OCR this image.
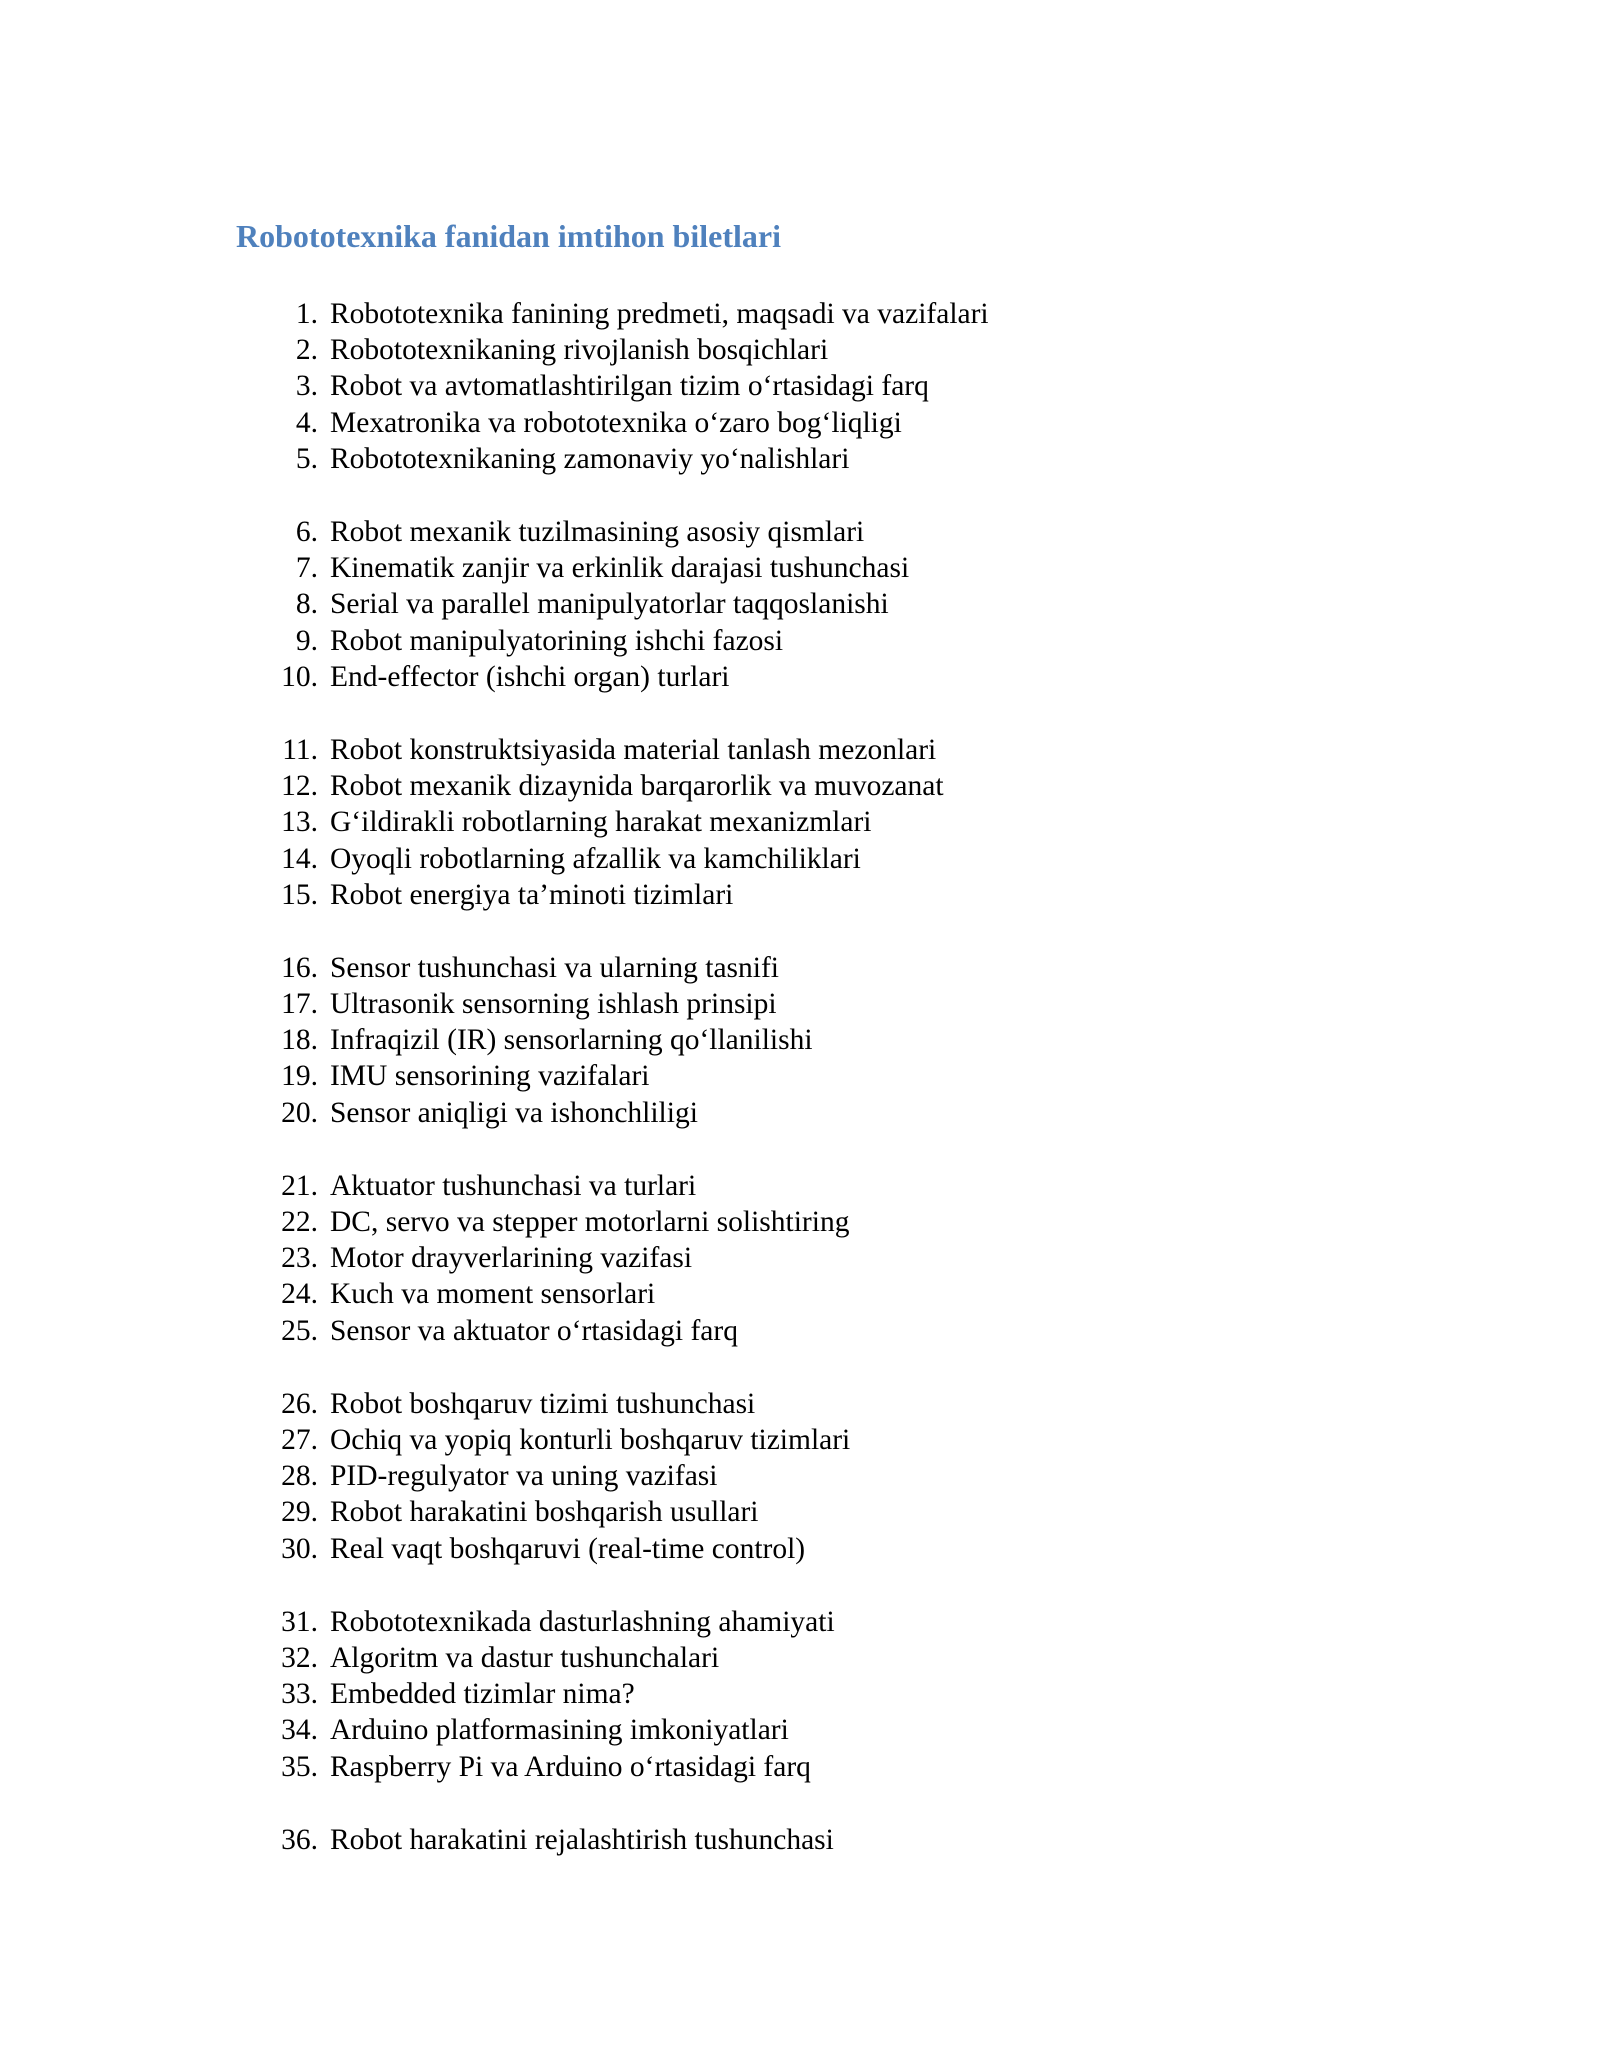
Robototexnika fanidan imtihon biletlari
1. Robototexnika fanining predmeti, maqsadi va vazifalari
2. Robototexnikaning rivojlanish bosqichlari
3. Robot va avtomatlashtirilgan tizim o‘rtasidagi farq
4. Mexatronika va robototexnika o‘zaro bog‘liqligi
5. Robototexnikaning zamonaviy yo‘nalishlari
6. Robot mexanik tuzilmasining asosiy qismlari
7. Kinematik zanjir va erkinlik darajasi tushunchasi
8. Serial va parallel manipulyatorlar taqqoslanishi
9. Robot manipulyatorining ishchi fazosi
10. End-effector (ishchi organ) turlari
11. Robot konstruktsiyasida material tanlash mezonlari
12. Robot mexanik dizaynida barqarorlik va muvozanat
13. G‘ildirakli robotlarning harakat mexanizmlari
14. Oyoqli robotlarning afzallik va kamchiliklari
15. Robot energiya ta’minoti tizimlari
16. Sensor tushunchasi va ularning tasnifi
17. Ultrasonik sensorning ishlash prinsipi
18. Infraqizil (IR) sensorlarning qo‘llanilishi
19. IMU sensorining vazifalari
20. Sensor aniqligi va ishonchliligi
21. Aktuator tushunchasi va turlari
22. DC, servo va stepper motorlarni solishtiring
23. Motor drayverlarining vazifasi
24. Kuch va moment sensorlari
25. Sensor va aktuator o‘rtasidagi farq
26. Robot boshqaruv tizimi tushunchasi
27. Ochiq va yopiq konturli boshqaruv tizimlari
28. PID-regulyator va uning vazifasi
29. Robot harakatini boshqarish usullari
30. Real vaqt boshqaruvi (real-time control)
31. Robototexnikada dasturlashning ahamiyati
32. Algoritm va dastur tushunchalari
33. Embedded tizimlar nima?
34. Arduino platformasining imkoniyatlari
35. Raspberry Pi va Arduino o‘rtasidagi farq
36. Robot harakatini rejalashtirish tushunchasi
